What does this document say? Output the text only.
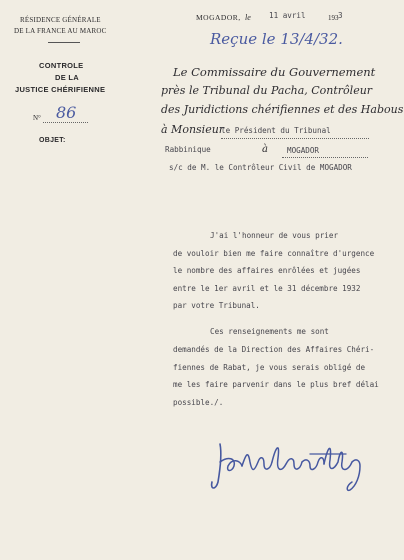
RÉSIDENCE GÉNÉRALE
DE LA FRANCE AU MAROC
CONTROLE
DE LA
JUSTICE CHÉRIFIENNE
N° 86
OBJET:
MOGADOR, le 11 avril	193 3
Reçue le 13/4/32.
Le Commissaire du Gouvernement
près le Tribunal du Pacha, Contrôleur
des Juridictions chérifiennes et des Habous
à Monsieur
le Président du Tribunal
Rabbinique	à	MOGADOR
s/c de M. le Contrôleur Civil de MOGADOR
J'ai l'honneur de vous prier
de vouloir bien me faire connaître d'urgence
le nombre des affaires enrôlées et jugées
entre le 1er avril et le 31 décembre 1932
par votre Tribunal.
Ces renseignements me sont
demandés de la Direction des Affaires Chéri-
fiennes de Rabat, je vous serais obligé de
me les faire parvenir dans le plus bref délai
possible./.
